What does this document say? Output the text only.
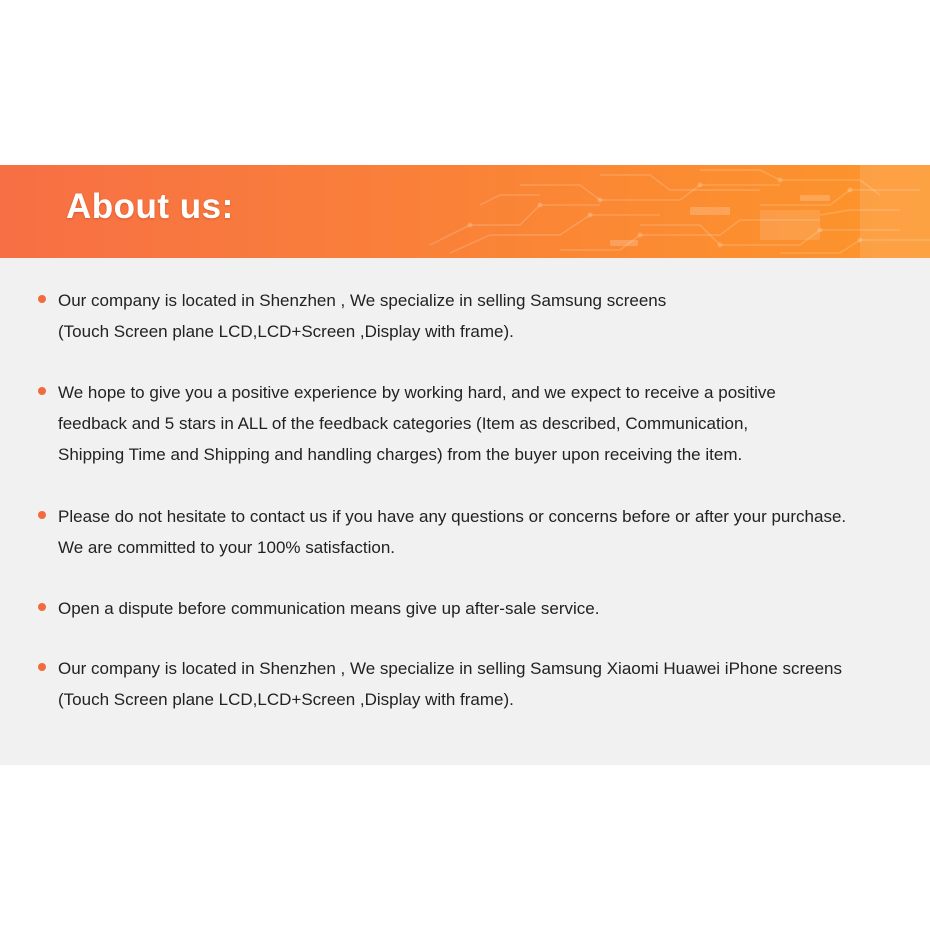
About us:
Our company is located in Shenzhen , We specialize in selling Samsung screens
(Touch Screen plane LCD,LCD+Screen ,Display with frame).
We hope to give you a positive experience by working hard, and we expect to receive a positive
feedback and 5 stars in ALL of the feedback categories (Item as described, Communication,
Shipping Time and Shipping and handling charges) from the buyer upon receiving the item.
Please do not hesitate to contact us if you have any questions or concerns before or after your purchase.
We are committed to your 100% satisfaction.
Open a dispute before communication means give up after-sale service.
Our company is located in Shenzhen , We specialize in selling Samsung Xiaomi Huawei iPhone screens
(Touch Screen plane LCD,LCD+Screen ,Display with frame).
